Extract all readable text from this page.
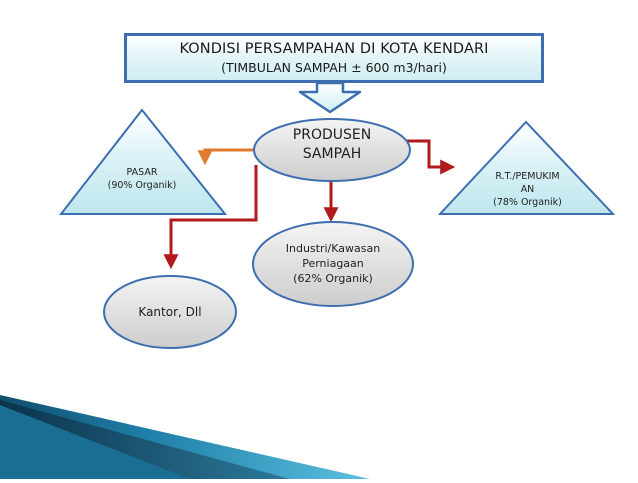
KONDISI PERSAMPAHAN DI KOTA KENDARI
(TIMBULAN SAMPAH ± 600 m3/hari)
PRODUSEN
SAMPAH
PASAR
(90% Organik)
R.T./PEMUKIM
AN
(78% Organik)
Industri/Kawasan
Perniagaan
(62% Organik)
Kantor, Dll
